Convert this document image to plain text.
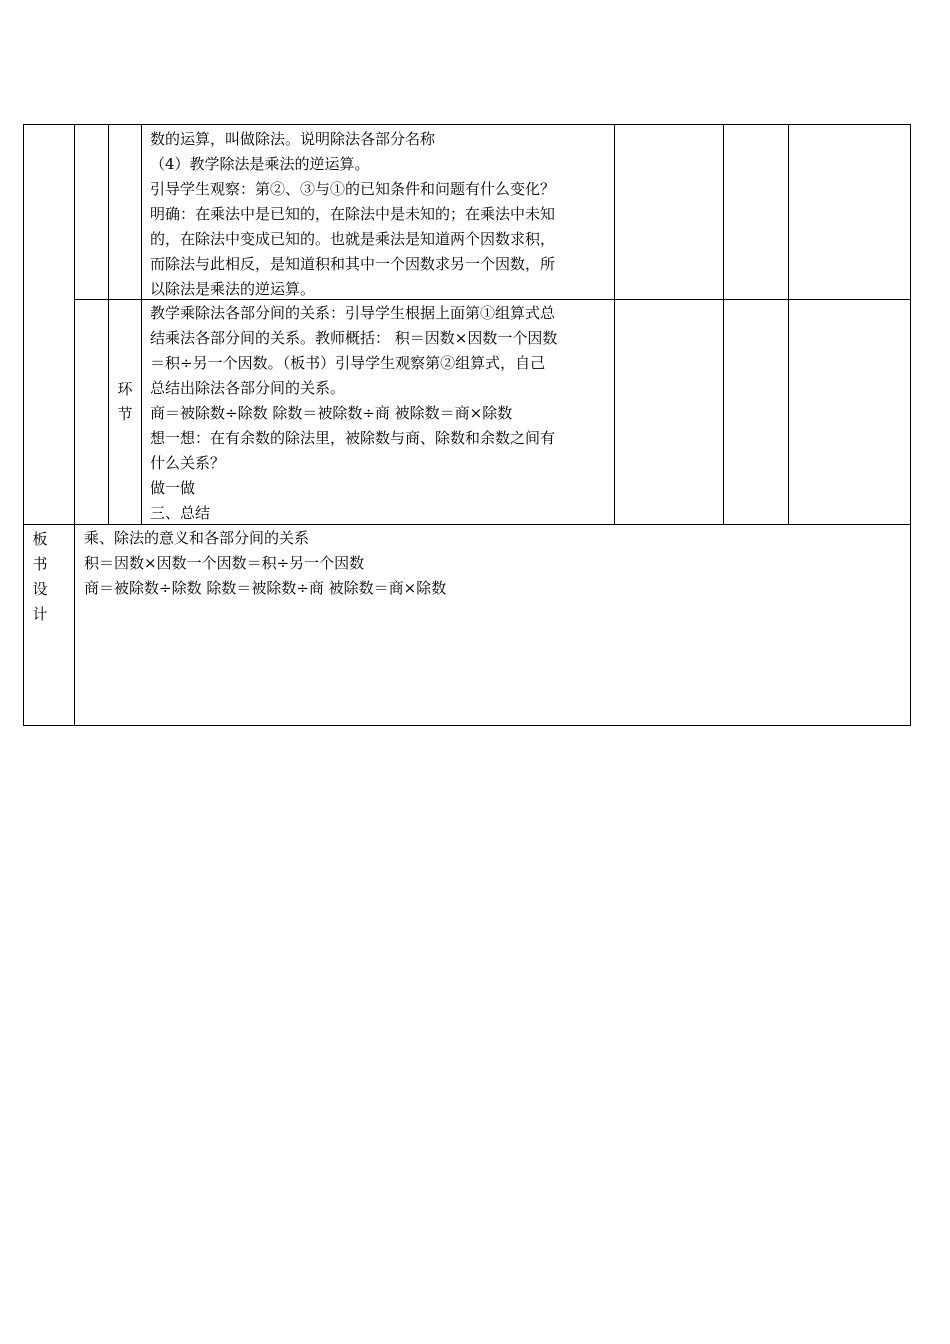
数的运算，叫做除法。说明除法各部分名称
（4）教学除法是乘法的逆运算。
引导学生观察：第②、③与①的已知条件和问题有什么变化？
明确：在乘法中是已知的，在除法中是未知的；在乘法中未知
的，在除法中变成已知的。也就是乘法是知道两个因数求积，
而除法与此相反，是知道积和其中一个因数求另一个因数，所
以除法是乘法的逆运算。
环
节
教学乘除法各部分间的关系：引导学生根据上面第①组算式总
结乘法各部分间的关系。教师概括： 积＝因数×因数一个因数
＝积÷另一个因数。（板书）引导学生观察第②组算式，自己
总结出除法各部分间的关系。
商＝被除数÷除数 除数＝被除数÷商 被除数＝商×除数
想一想：在有余数的除法里，被除数与商、除数和余数之间有
什么关系？
做一做
三、总结
板
书
设
计
乘、除法的意义和各部分间的关系
积＝因数×因数一个因数＝积÷另一个因数
商＝被除数÷除数 除数＝被除数÷商 被除数＝商×除数
